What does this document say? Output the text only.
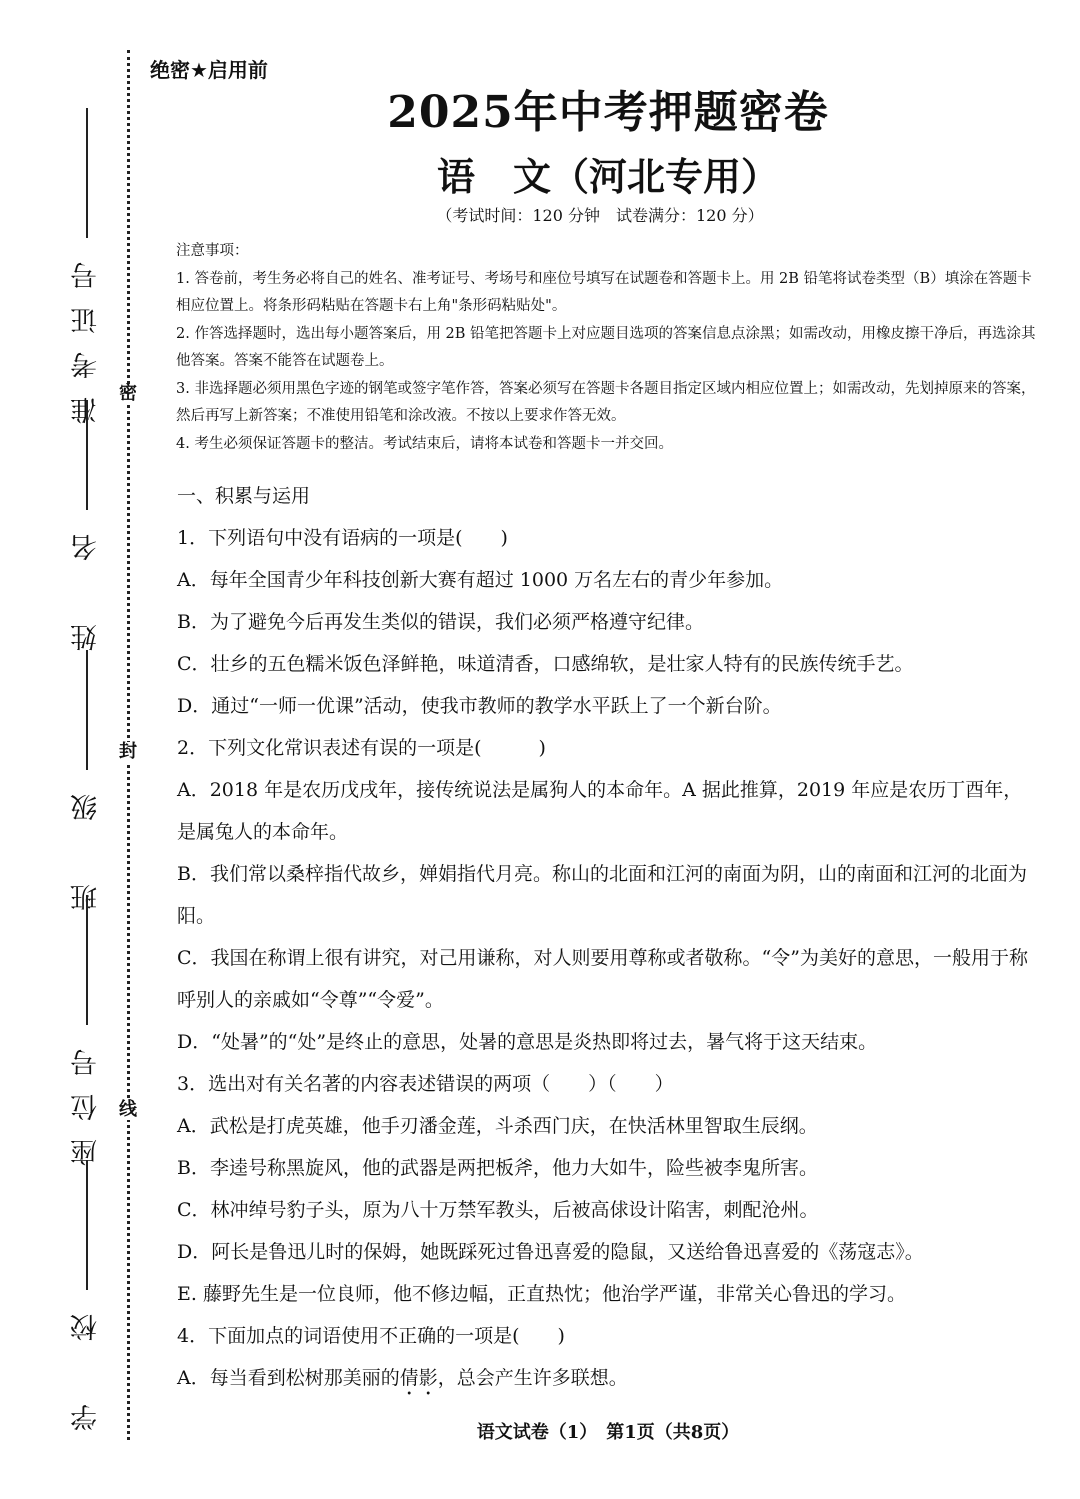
密
封
线
准考证号
姓　名
班　级
座位号
学　校
绝密★启用前
2025年中考押题密卷
语　文（河北专用）
（考试时间：120 分钟　试卷满分：120 分）

注意事项：

1. 答卷前，考生务必将自己的姓名、准考证号、考场号和座位号填写在试题卷和答题卡上。用 2B 铅笔将试卷类型（B）填涂在答题卡相应位置上。将条形码粘贴在答题卡右上角"条形码粘贴处"。

2. 作答选择题时，选出每小题答案后，用 2B 铅笔把答题卡上对应题目选项的答案信息点涂黑；如需改动，用橡皮擦干净后，再选涂其他答案。答案不能答在试题卷上。

3. 非选择题必须用黑色字迹的钢笔或签字笔作答，答案必须写在答题卡各题目指定区域内相应位置上；如需改动，先划掉原来的答案，然后再写上新答案；不准使用铅笔和涂改液。不按以上要求作答无效。

4. 考生必须保证答题卡的整洁。考试结束后，请将本试卷和答题卡一并交回。

一、积累与运用

1．下列语句中没有语病的一项是(　　)

A．每年全国青少年科技创新大赛有超过 1000 万名左右的青少年参加。

B．为了避免今后再发生类似的错误，我们必须严格遵守纪律。

C．壮乡的五色糯米饭色泽鲜艳，味道清香，口感绵软，是壮家人特有的民族传统手艺。

D．通过“一师一优课”活动，使我市教师的教学水平跃上了一个新台阶。

2．下列文化常识表述有误的一项是(　　　)

A．2018 年是农历戊戌年，接传统说法是属狗人的本命年。A 据此推算，2019 年应是农历丁酉年，是属兔人的本命年。

B．我们常以桑梓指代故乡，婵娟指代月亮。称山的北面和江河的南面为阴，山的南面和江河的北面为阳。

C．我国在称谓上很有讲究，对己用谦称，对人则要用尊称或者敬称。“令”为美好的意思，一般用于称呼别人的亲戚如“令尊”“令爱”。

D．“处暑”的“处”是终止的意思，处暑的意思是炎热即将过去，暑气将于这天结束。

3．选出对有关名著的内容表述错误的两项（　　）（　　）

A．武松是打虎英雄，他手刃潘金莲，斗杀西门庆，在快活林里智取生辰纲。

B．李逵号称黑旋风，他的武器是两把板斧，他力大如牛，险些被李鬼所害。

C．林冲绰号豹子头，原为八十万禁军教头，后被高俅设计陷害，刺配沧州。

D．阿长是鲁迅儿时的保姆，她既踩死过鲁迅喜爱的隐鼠，又送给鲁迅喜爱的《荡寇志》。

E. 藤野先生是一位良师，他不修边幅，正直热忱；他治学严谨，非常关心鲁迅的学习。

4．下面加点的词语使用不正确的一项是(　　)

A．每当看到松树那美丽的倩影，总会产生许多联想。

语文试卷（1）　第1页（共8页）
